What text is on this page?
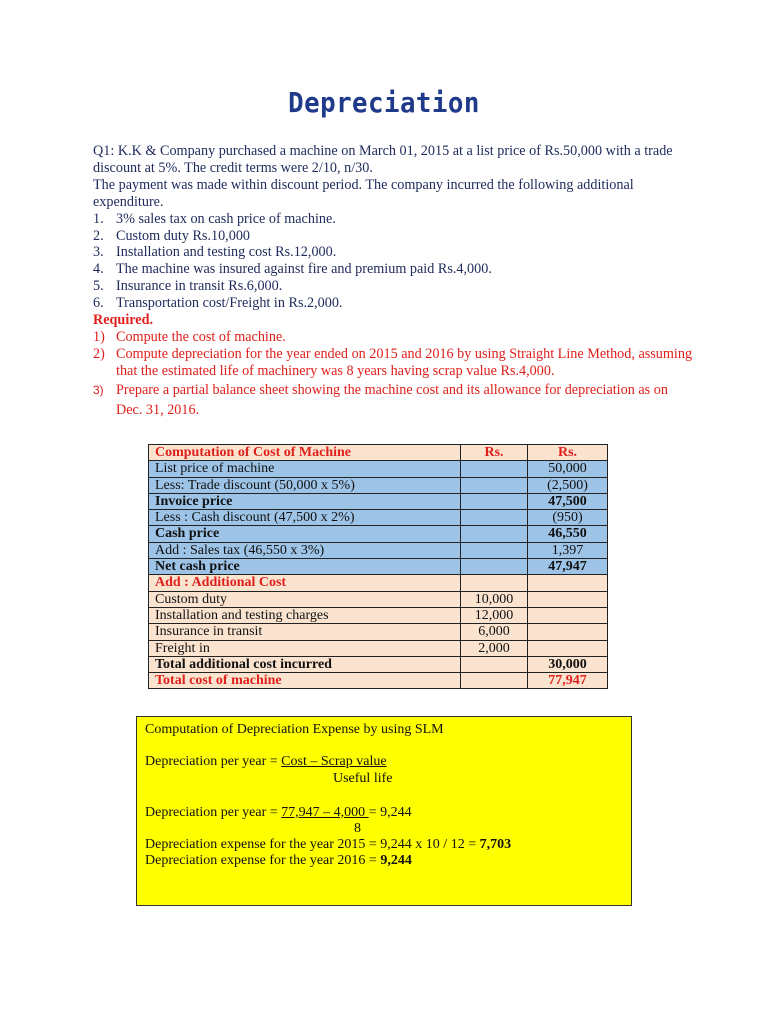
Depreciation

Q1: K.K & Company purchased a machine on March 01, 2015 at a list price of Rs.50,000 with a trade discount at 5%. The credit terms were 2/10, n/30.

The payment was made within discount period. The company incurred the following additional expenditure.

1. 3% sales tax on cash price of machine.
2. Custom duty Rs.10,000
3. Installation and testing cost Rs.12,000.
4. The machine was insured against fire and premium paid Rs.4,000.
5. Insurance in transit Rs.6,000.
6. Transportation cost/Freight in Rs.2,000.

Required.

1) Compute the cost of machine.
2) Compute depreciation for the year ended on 2015 and 2016 by using Straight Line Method, assuming that the estimated life of machinery was 8 years having scrap value Rs.4,000.
3) Prepare a partial balance sheet showing the machine cost and its allowance for depreciation as on Dec. 31, 2016.
Computation of Cost of Machine	Rs.	Rs.
List price of machine		50,000
Less: Trade discount (50,000 x 5%)		(2,500)
Invoice price		47,500
Less : Cash discount (47,500 x 2%)		(950)
Cash price		46,550
Add : Sales tax (46,550 x 3%)		1,397
Net cash price		47,947
Add : Additional Cost		
Custom duty	10,000	
Installation and testing charges	12,000	
Insurance in transit	6,000	
Freight in	2,000	
Total additional cost incurred		30,000
Total cost of machine		77,947
Computation of Depreciation Expense by using SLM
Depreciation per year = Cost – Scrap value
Useful life
Depreciation per year = 77,947 – 4,000 = 9,244
8
Depreciation expense for the year 2015 = 9,244 x 10 / 12 = 7,703
Depreciation expense for the year 2016 = 9,244
